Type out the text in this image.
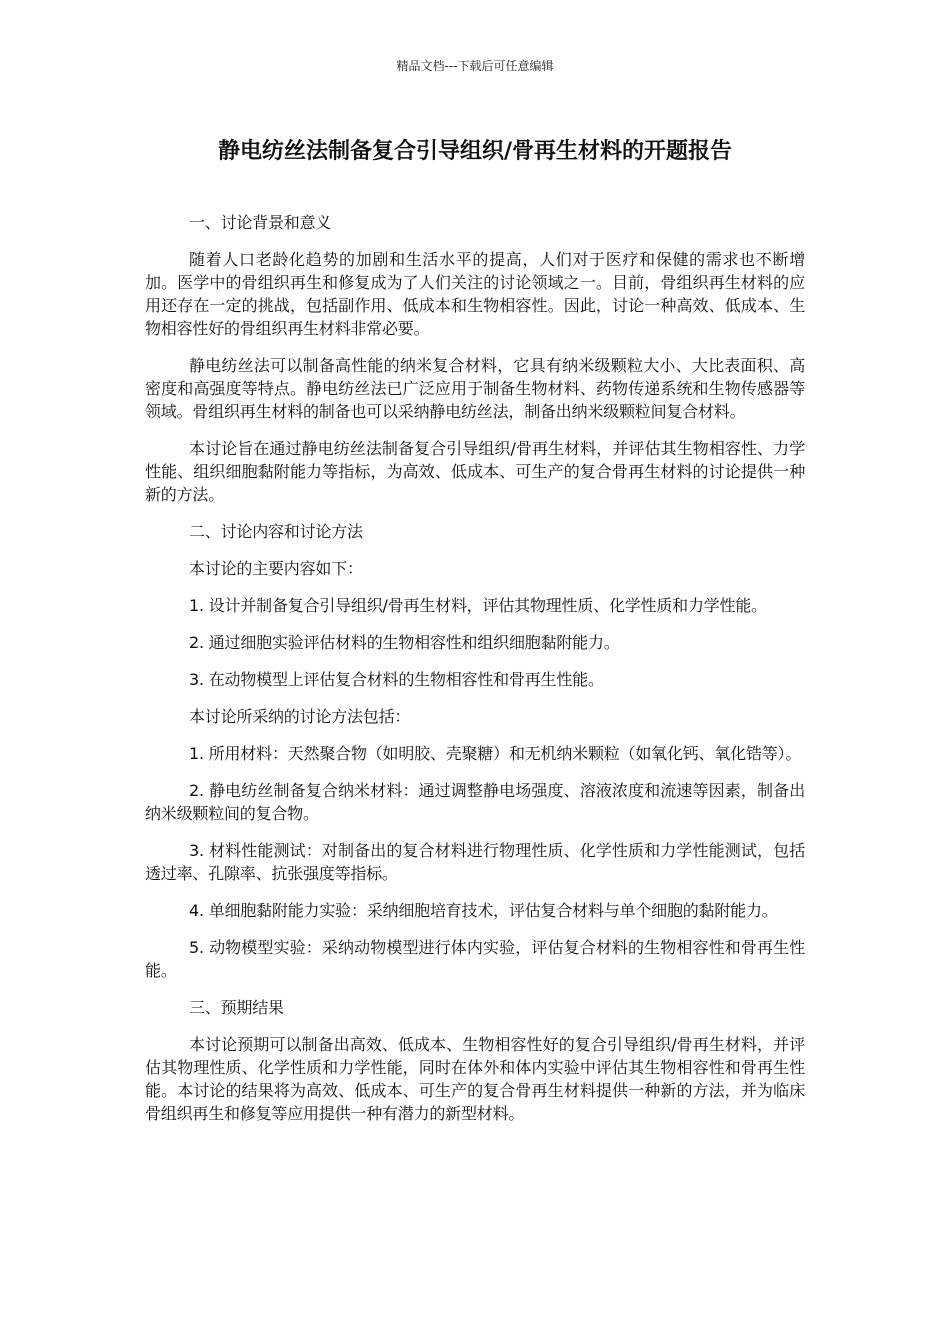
精品文档---下载后可任意编辑
静电纺丝法制备复合引导组织/骨再生材料的开题报告

一、讨论背景和意义

随着人口老龄化趋势的加剧和生活水平的提高，人们对于医疗和保健的需求也不断增加。医学中的骨组织再生和修复成为了人们关注的讨论领域之一。目前，骨组织再生材料的应用还存在一定的挑战，包括副作用、低成本和生物相容性。因此，讨论一种高效、低成本、生物相容性好的骨组织再生材料非常必要。

静电纺丝法可以制备高性能的纳米复合材料，它具有纳米级颗粒大小、大比表面积、高密度和高强度等特点。静电纺丝法已广泛应用于制备生物材料、药物传递系统和生物传感器等领域。骨组织再生材料的制备也可以采纳静电纺丝法，制备出纳米级颗粒间复合材料。

本讨论旨在通过静电纺丝法制备复合引导组织/骨再生材料，并评估其生物相容性、力学性能、组织细胞黏附能力等指标，为高效、低成本、可生产的复合骨再生材料的讨论提供一种新的方法。

二、讨论内容和讨论方法

本讨论的主要内容如下：

1. 设计并制备复合引导组织/骨再生材料，评估其物理性质、化学性质和力学性能。

2. 通过细胞实验评估材料的生物相容性和组织细胞黏附能力。

3. 在动物模型上评估复合材料的生物相容性和骨再生性能。

本讨论所采纳的讨论方法包括：

1. 所用材料：天然聚合物（如明胶、壳聚糖）和无机纳米颗粒（如氧化钙、氧化锆等）。

2. 静电纺丝制备复合纳米材料：通过调整静电场强度、溶液浓度和流速等因素，制备出纳米级颗粒间的复合物。

3. 材料性能测试：对制备出的复合材料进行物理性质、化学性质和力学性能测试，包括透过率、孔隙率、抗张强度等指标。

4. 单细胞黏附能力实验：采纳细胞培育技术，评估复合材料与单个细胞的黏附能力。

5. 动物模型实验：采纳动物模型进行体内实验，评估复合材料的生物相容性和骨再生性能。

三、预期结果

本讨论预期可以制备出高效、低成本、生物相容性好的复合引导组织/骨再生材料，并评估其物理性质、化学性质和力学性能，同时在体外和体内实验中评估其生物相容性和骨再生性能。本讨论的结果将为高效、低成本、可生产的复合骨再生材料提供一种新的方法，并为临床骨组织再生和修复等应用提供一种有潜力的新型材料。
